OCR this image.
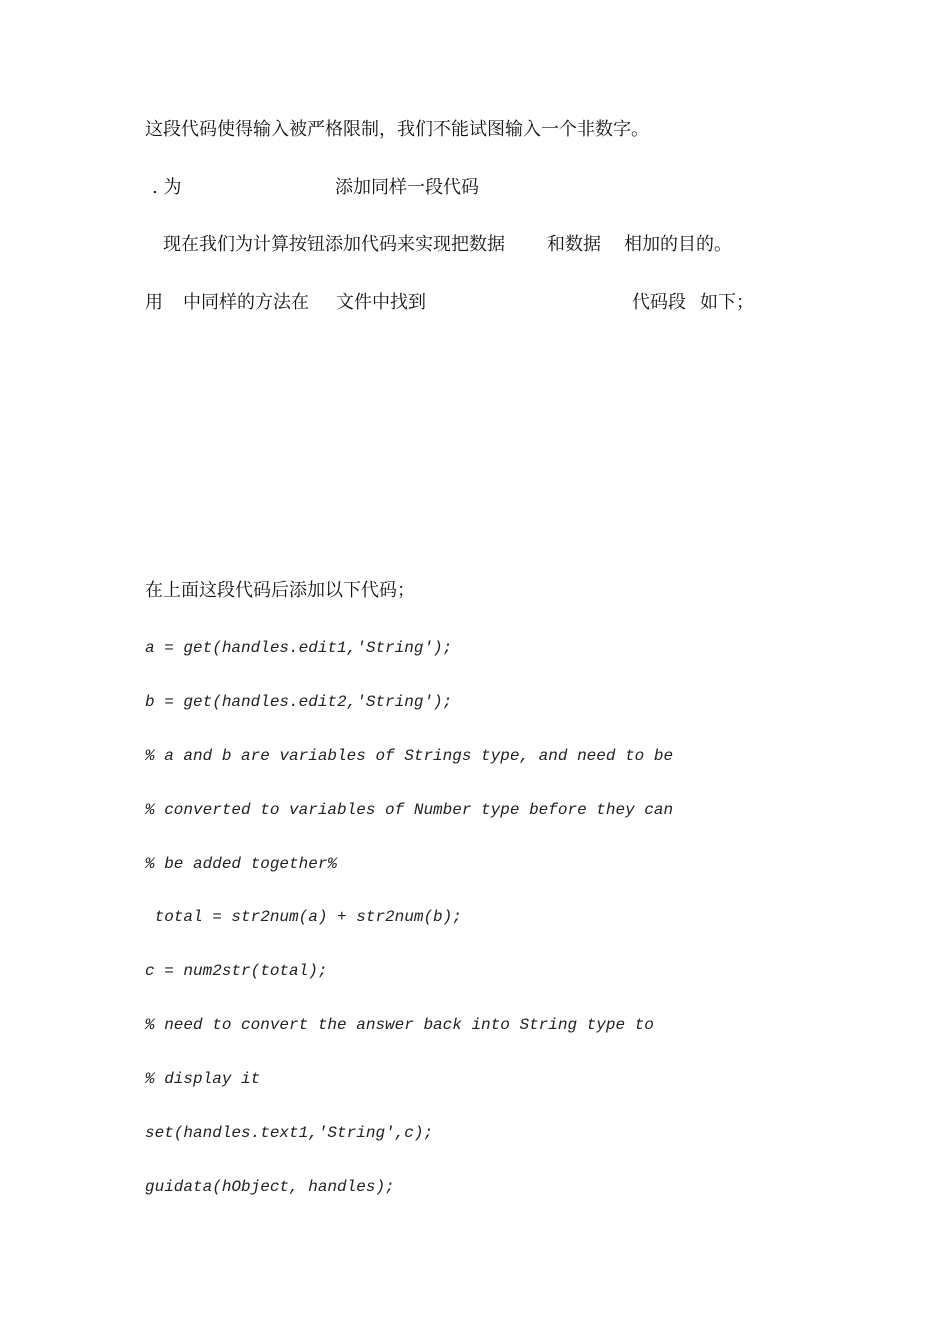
这段代码使得输入被严格限制，我们不能试图输入一个非数字。

. 为

	添加同样一段代码

现在我们为计算按钮添加代码来实现把数据

和数据

相加的目的。

用

中同样的方法在

文件中找到

	代码段

如下；

在上面这段代码后添加以下代码；
a = get(handles.edit1,'String');
b = get(handles.edit2,'String');
% a and b are variables of Strings type, and need to be
% converted to variables of Number type before they can
% be added together%
total = str2num(a) + str2num(b);
c = num2str(total);
% need to convert the answer back into String type to
% display it
set(handles.text1,'String',c);
guidata(hObject, handles);
